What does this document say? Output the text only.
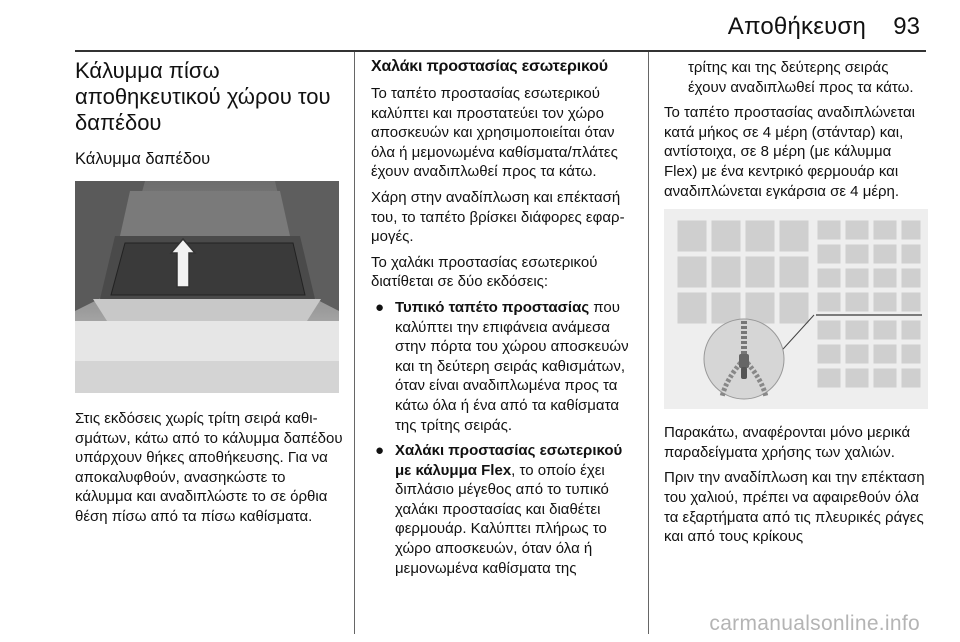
Αποθήκευση 93
Κάλυμμα πίσω αποθηκευτικού χώρου του δαπέδου
Κάλυμμα δαπέδου

Στις εκδόσεις χωρίς τρίτη σειρά καθισμάτων, κάτω από το κάλυμμα δαπέδου υπάρχουν θήκες αποθήκευσης. Για να αποκαλυφθούν, ανασηκώστε το κάλυμμα και αναδιπλώστε το σε όρθια θέση πίσω από τα πίσω καθίσματα.

Χαλάκι προστασίας εσωτερικού

Το ταπέτο προστασίας εσωτερικού καλύπτει και προστατεύει τον χώρο αποσκευών και χρησιμοποιείται όταν όλα ή μεμονωμένα καθίσματα/πλάτες έχουν αναδιπλωθεί προς τα κάτω.

Χάρη στην αναδίπλωση και επέκτασή του, το ταπέτο βρίσκει διάφορες εφαρμογές.

Το χαλάκι προστασίας εσωτερικού διατίθεται σε δύο εκδόσεις:

● Τυπικό ταπέτο προστασίας που καλύπτει την επιφάνεια ανάμεσα στην πόρτα του χώρου αποσκευών και τη δεύτερη σειράς καθισμάτων, όταν είναι αναδιπλωμένα προς τα κάτω όλα ή ένα από τα καθίσματα της τρίτης σειράς.
● Χαλάκι προστασίας εσωτερικού με κάλυμμα Flex, το οποίο έχει διπλάσιο μέγεθος από το τυπικό χαλάκι προστασίας και διαθέτει φερμουάρ. Καλύπτει πλήρως το χώρο αποσκευών, όταν όλα ή μεμονωμένα καθίσματα της

τρίτης και της δεύτερης σειράς έχουν αναδιπλωθεί προς τα κάτω.

Το ταπέτο προστασίας αναδιπλώνεται κατά μήκος σε 4 μέρη (στάνταρ) και, αντίστοιχα, σε 8 μέρη (με κάλυμμα Flex) με ένα κεντρικό φερμουάρ και αναδιπλώνεται εγκάρσια σε 4 μέρη.

Παρακάτω, αναφέρονται μόνο μερικά παραδείγματα χρήσης των χαλιών.

Πριν την αναδίπλωση και την επέκταση του χαλιού, πρέπει να αφαιρεθούν όλα τα εξαρτήματα από τις πλευρικές ράγες και από τους κρίκους

carmanualsonline.info
